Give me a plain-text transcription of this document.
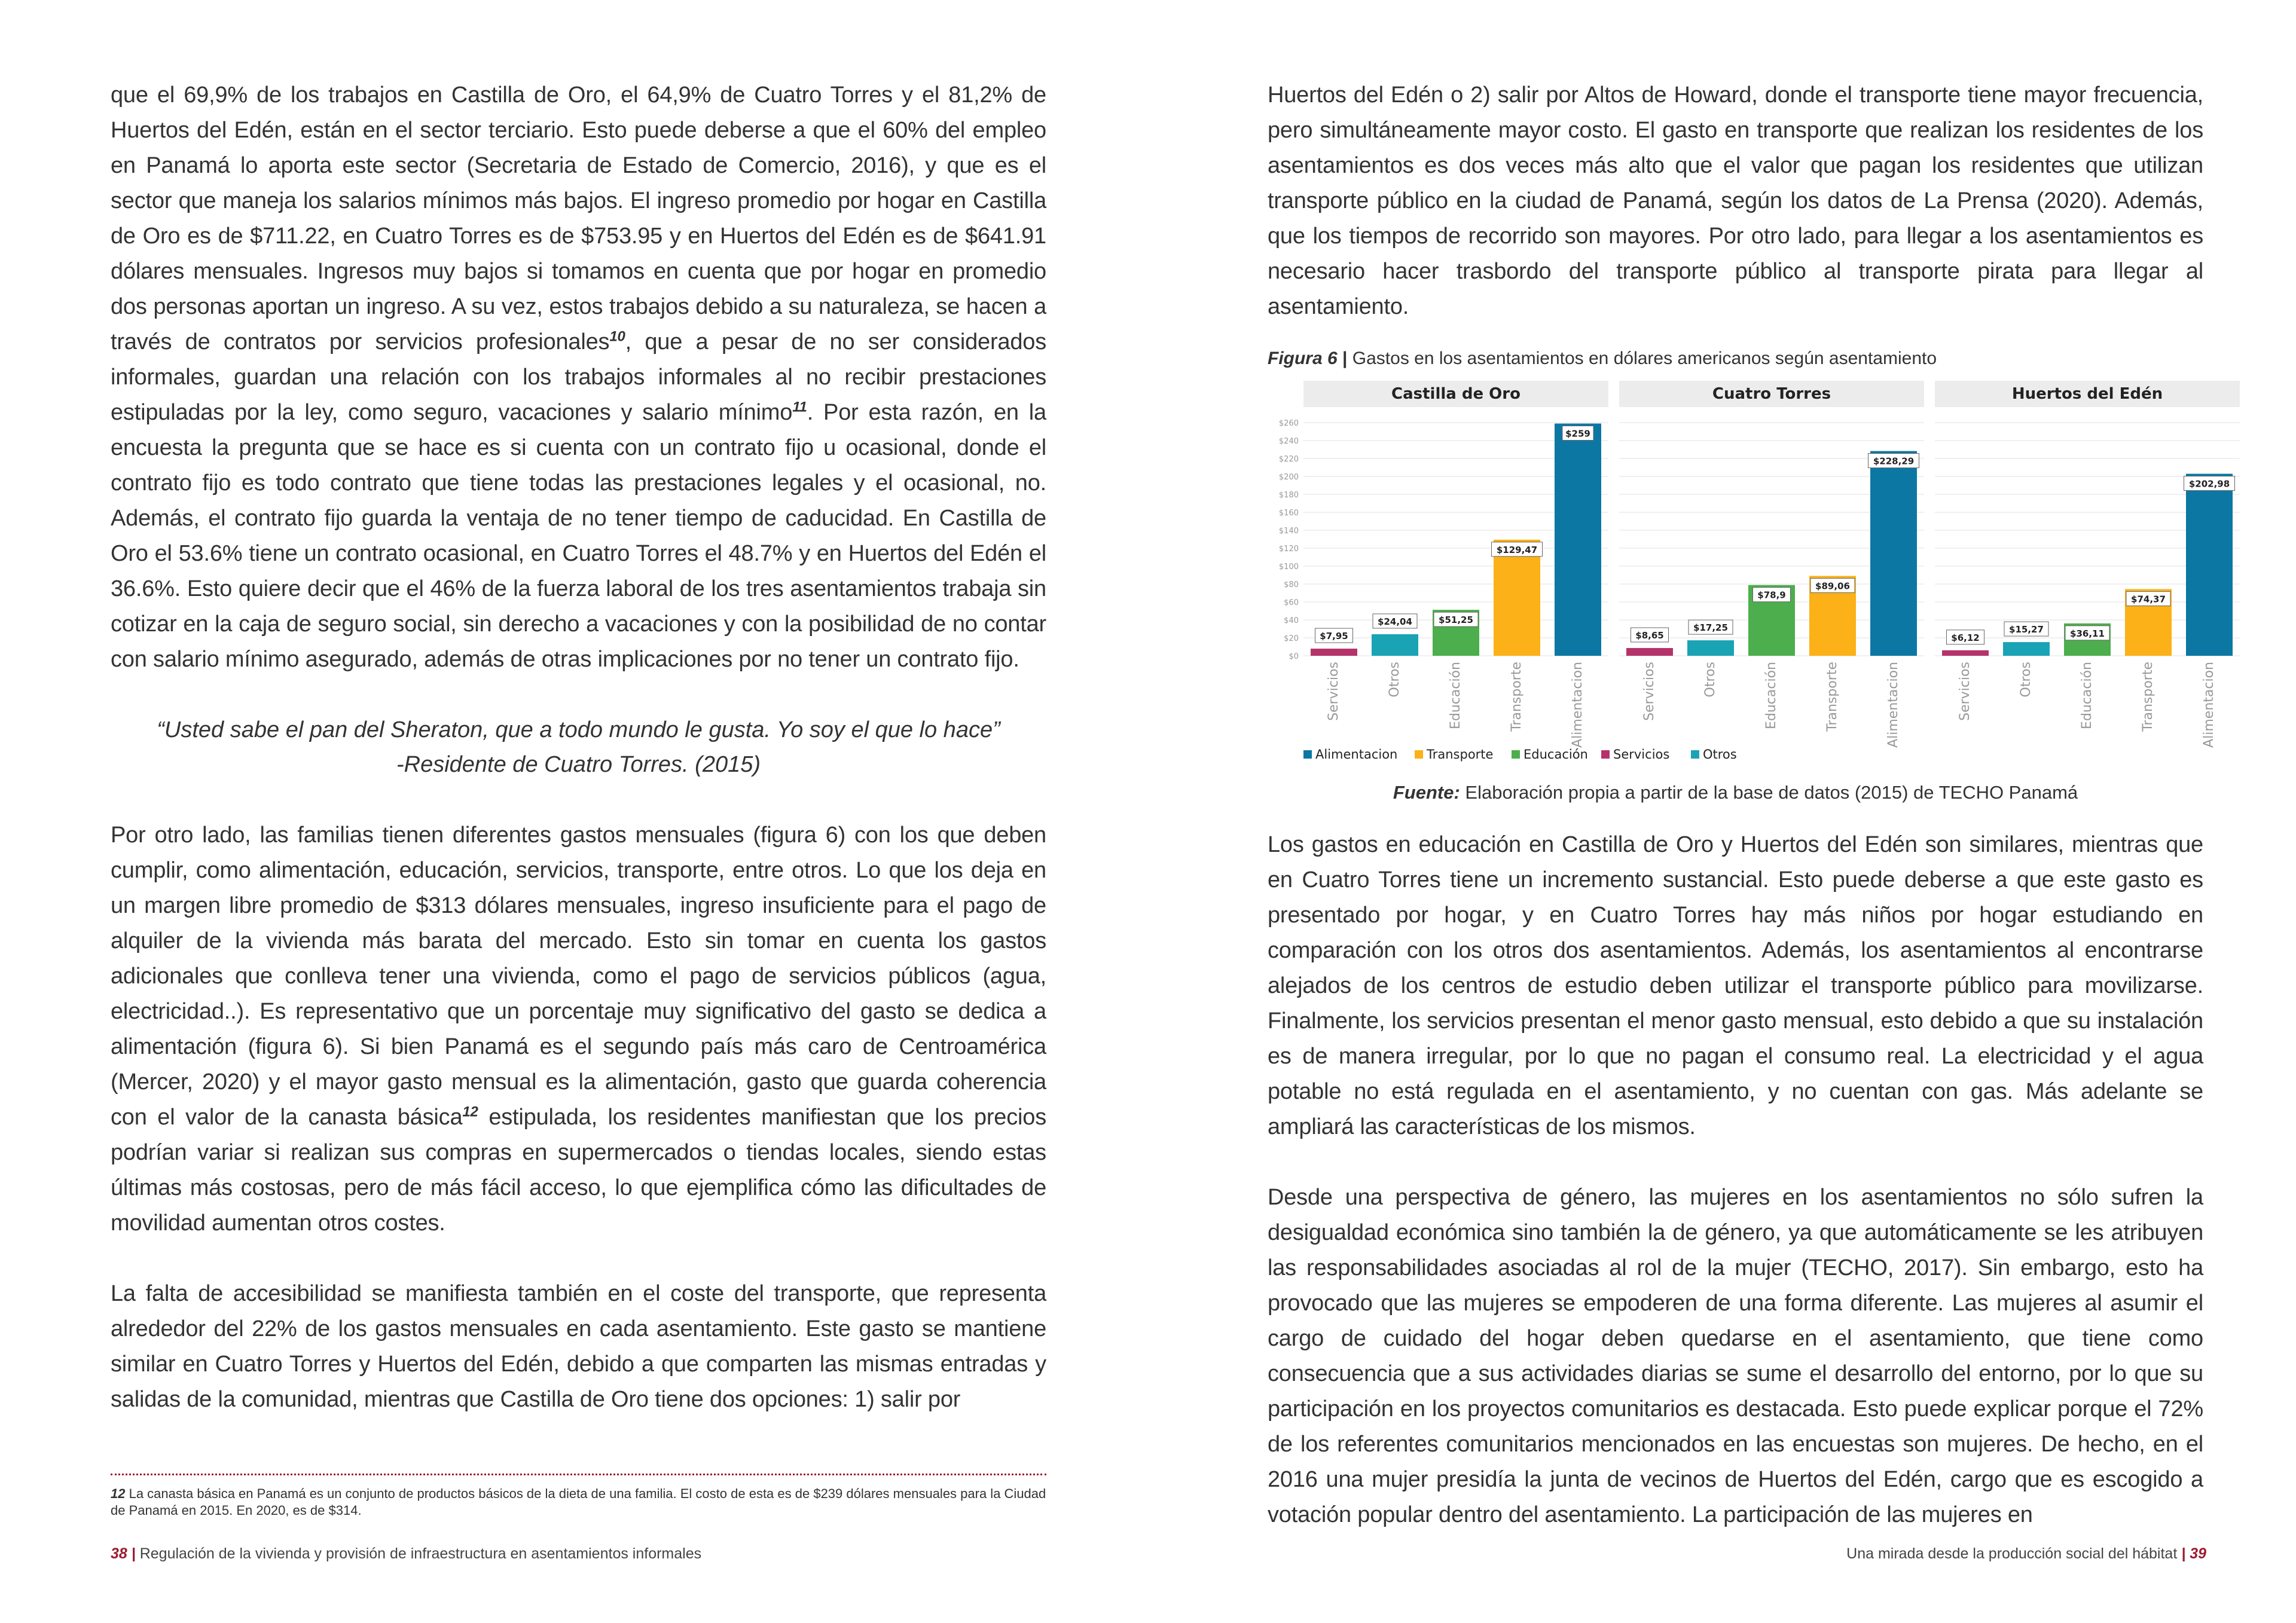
que el 69,9% de los trabajos en Castilla de Oro, el 64,9% de Cuatro Torres y el 81,2% de Huertos del Edén, están en el sector terciario. Esto puede deberse a que el 60% del empleo en Panamá lo aporta este sector (Secretaria de Estado de Comercio, 2016), y que es el sector que maneja los salarios mínimos más bajos. El ingreso promedio por hogar en Castilla de Oro es de $711.22, en Cuatro Torres es de $753.95 y en Huertos del Edén es de $641.91 dólares mensuales. Ingresos muy bajos si tomamos en cuenta que por hogar en promedio dos personas aportan un ingreso. A su vez, estos trabajos debido a su naturaleza, se hacen a través de contratos por servicios profesionales$^{10}$, que a pesar de no ser considerados informales, guardan una relación con los trabajos informales al no recibir prestaciones estipuladas por la ley, como seguro, vacaciones y salario mínimo$^{11}$. Por esta razón, en la encuesta la pregunta que se hace es si cuenta con un contrato fijo u ocasional, donde el contrato fijo es todo contrato que tiene todas las prestaciones legales y el ocasional, no. Además, el contrato fijo guarda la ventaja de no tener tiempo de caducidad. En Castilla de Oro el 53.6% tiene un contrato ocasional, en Cuatro Torres el 48.7% y en Huertos del Edén el 36.6%. Esto quiere decir que el 46% de la fuerza laboral de los tres asentamientos trabaja sin cotizar en la caja de seguro social, sin derecho a vacaciones y con la posibilidad de no contar con salario mínimo asegurado, además de otras implicaciones por no tener un contrato fijo.

“Usted sabe el pan del Sheraton, que a todo mundo le gusta. Yo soy el que lo hace”
-Residente de Cuatro Torres. (2015)

Por otro lado, las familias tienen diferentes gastos mensuales (figura 6) con los que deben cumplir, como alimentación, educación, servicios, transporte, entre otros. Lo que los deja en un margen libre promedio de $313 dólares mensuales, ingreso insuficiente para el pago de alquiler de la vivienda más barata del mercado. Esto sin tomar en cuenta los gastos adicionales que conlleva tener una vivienda, como el pago de servicios públicos (agua, electricidad..). Es representativo que un porcentaje muy significativo del gasto se dedica a alimentación (figura 6). Si bien Panamá es el segundo país más caro de Centroamérica (Mercer, 2020) y el mayor gasto mensual es la alimentación, gasto que guarda coherencia con el valor de la canasta básica$^{12}$ estipulada, los residentes manifiestan que los precios podrían variar si realizan sus compras en supermercados o tiendas locales, siendo estas últimas más costosas, pero de más fácil acceso, lo que ejemplifica cómo las dificultades de movilidad aumentan otros costes.

La falta de accesibilidad se manifiesta también en el coste del transporte, que representa alrededor del 22% de los gastos mensuales en cada asentamiento. Este gasto se mantiene similar en Cuatro Torres y Huertos del Edén, debido a que comparten las mismas entradas y salidas de la comunidad, mientras que Castilla de Oro tiene dos opciones: 1) salir por

12 La canasta básica en Panamá es un conjunto de productos básicos de la dieta de una familia. El costo de esta es de $239 dólares mensuales para la Ciudad de Panamá en 2015. En 2020, es de $314.
38 | Regulación de la vivienda y provisión de infraestructura en asentamientos informales

Huertos del Edén o 2) salir por Altos de Howard, donde el transporte tiene mayor frecuencia, pero simultáneamente mayor costo. El gasto en transporte que realizan los residentes de los asentamientos es dos veces más alto que el valor que pagan los residentes que utilizan transporte público en la ciudad de Panamá, según los datos de La Prensa (2020). Además, que los tiempos de recorrido son mayores. Por otro lado, para llegar a los asentamientos es necesario hacer trasbordo del transporte público al transporte pirata para llegar al asentamiento.

Figura 6 | Gastos en los asentamientos en dólares americanos según asentamiento
$0
$20
$40
$60
$80
$100
$120
$140
$160
$180
$200
$220
$240
$260
Castilla de Oro
$7,95
Servicios
$24,04
Otros
$51,25
Educación
$129,47
Transporte
$259
Alimentacion
Cuatro Torres
$8,65
Servicios
$17,25
Otros
$78,9
Educación
$89,06
Transporte
$228,29
Alimentacion
Huertos del Edén
$6,12
Servicios
$15,27
Otros
$36,11
Educación
$74,37
Transporte
$202,98
Alimentacion
Alimentacion Transporte Educación Servicios	Otros
Fuente: Elaboración propia a partir de la base de datos (2015) de TECHO Panamá

Los gastos en educación en Castilla de Oro y Huertos del Edén son similares, mientras que en Cuatro Torres tiene un incremento sustancial. Esto puede deberse a que este gasto es presentado por hogar, y en Cuatro Torres hay más niños por hogar estudiando en comparación con los otros dos asentamientos. Además, los asentamientos al encontrarse alejados de los centros de estudio deben utilizar el transporte público para movilizarse. Finalmente, los servicios presentan el menor gasto mensual, esto debido a que su instalación es de manera irregular, por lo que no pagan el consumo real. La electricidad y el agua potable no está regulada en el asentamiento, y no cuentan con gas. Más adelante se ampliará las características de los mismos.

Desde una perspectiva de género, las mujeres en los asentamientos no sólo sufren la desigualdad económica sino también la de género, ya que automáticamente se les atribuyen las responsabilidades asociadas al rol de la mujer (TECHO, 2017). Sin embargo, esto ha provocado que las mujeres se empoderen de una forma diferente. Las mujeres al asumir el cargo de cuidado del hogar deben quedarse en el asentamiento, que tiene como consecuencia que a sus actividades diarias se sume el desarrollo del entorno, por lo que su participación en los proyectos comunitarios es destacada. Esto puede explicar porque el 72% de los referentes comunitarios mencionados en las encuestas son mujeres. De hecho, en el 2016 una mujer presidía la junta de vecinos de Huertos del Edén, cargo que es escogido a votación popular dentro del asentamiento. La participación de las mujeres en

Una mirada desde la producción social del hábitat | 39
